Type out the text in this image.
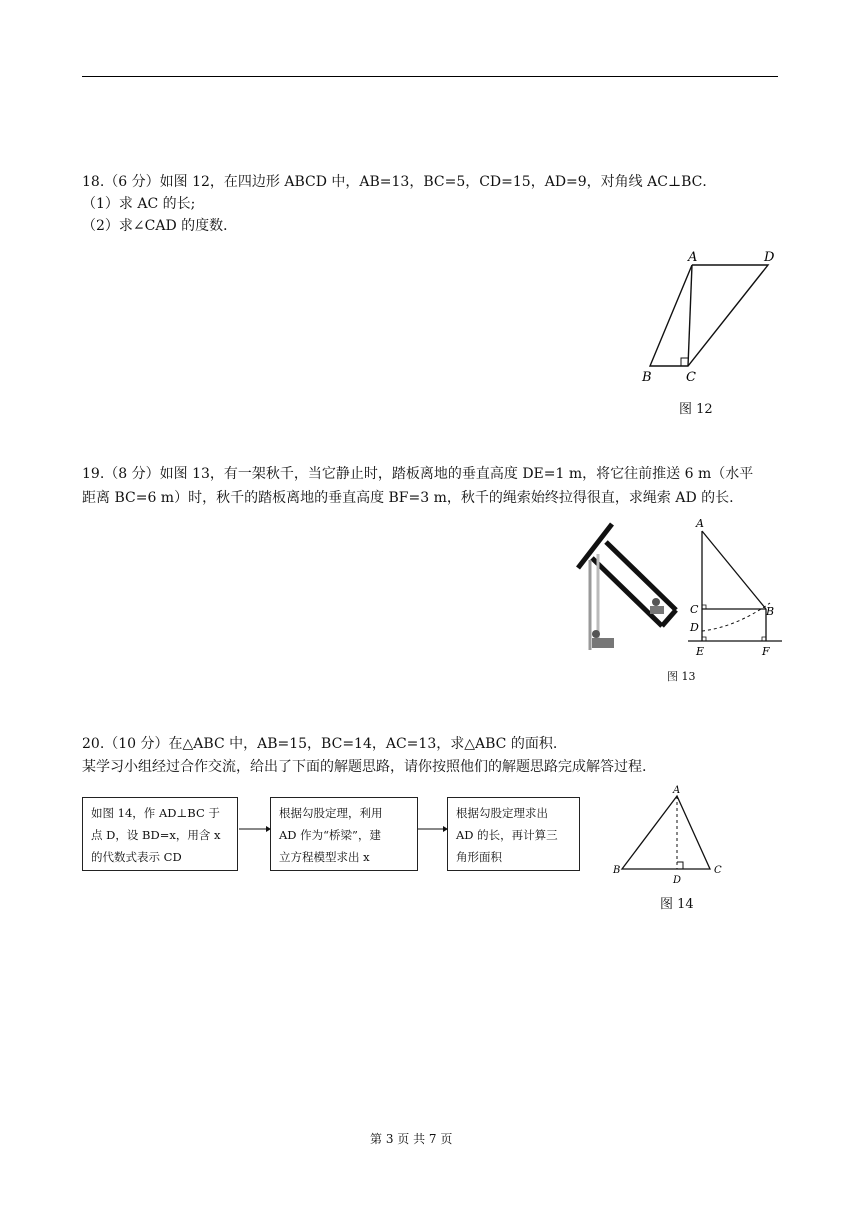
18.（6 分）如图 12，在四边形 ABCD 中，AB=13，BC=5，CD=15，AD=9，对角线 AC⊥BC．
（1）求 AC 的长;
（2）求∠CAD 的度数．
A	D
B	C
图 12
19.（8 分）如图 13，有一架秋千，当它静止时，踏板离地的垂直高度 DE=1 m，将它往前推送 6 m（水平
距离 BC=6 m）时，秋千的踏板离地的垂直高度 BF=3 m，秋千的绳索始终拉得很直，求绳索 AD 的长.
A
C
D
B
E	F
图 13
20.（10 分）在△ABC 中，AB=15，BC=14，AC=13，求△ABC 的面积.
某学习小组经过合作交流，给出了下面的解题思路，请你按照他们的解题思路完成解答过程.
如图 14，作 AD⊥BC 于
点 D，设 BD=x，用含 x
的代数式表示 CD
根据勾股定理，利用
AD 作为“桥梁”，建
立方程模型求出 x
根据勾股定理求出
AD 的长，再计算三
角形面积
A
B	C
D
图 14
第 3 页 共 7 页
